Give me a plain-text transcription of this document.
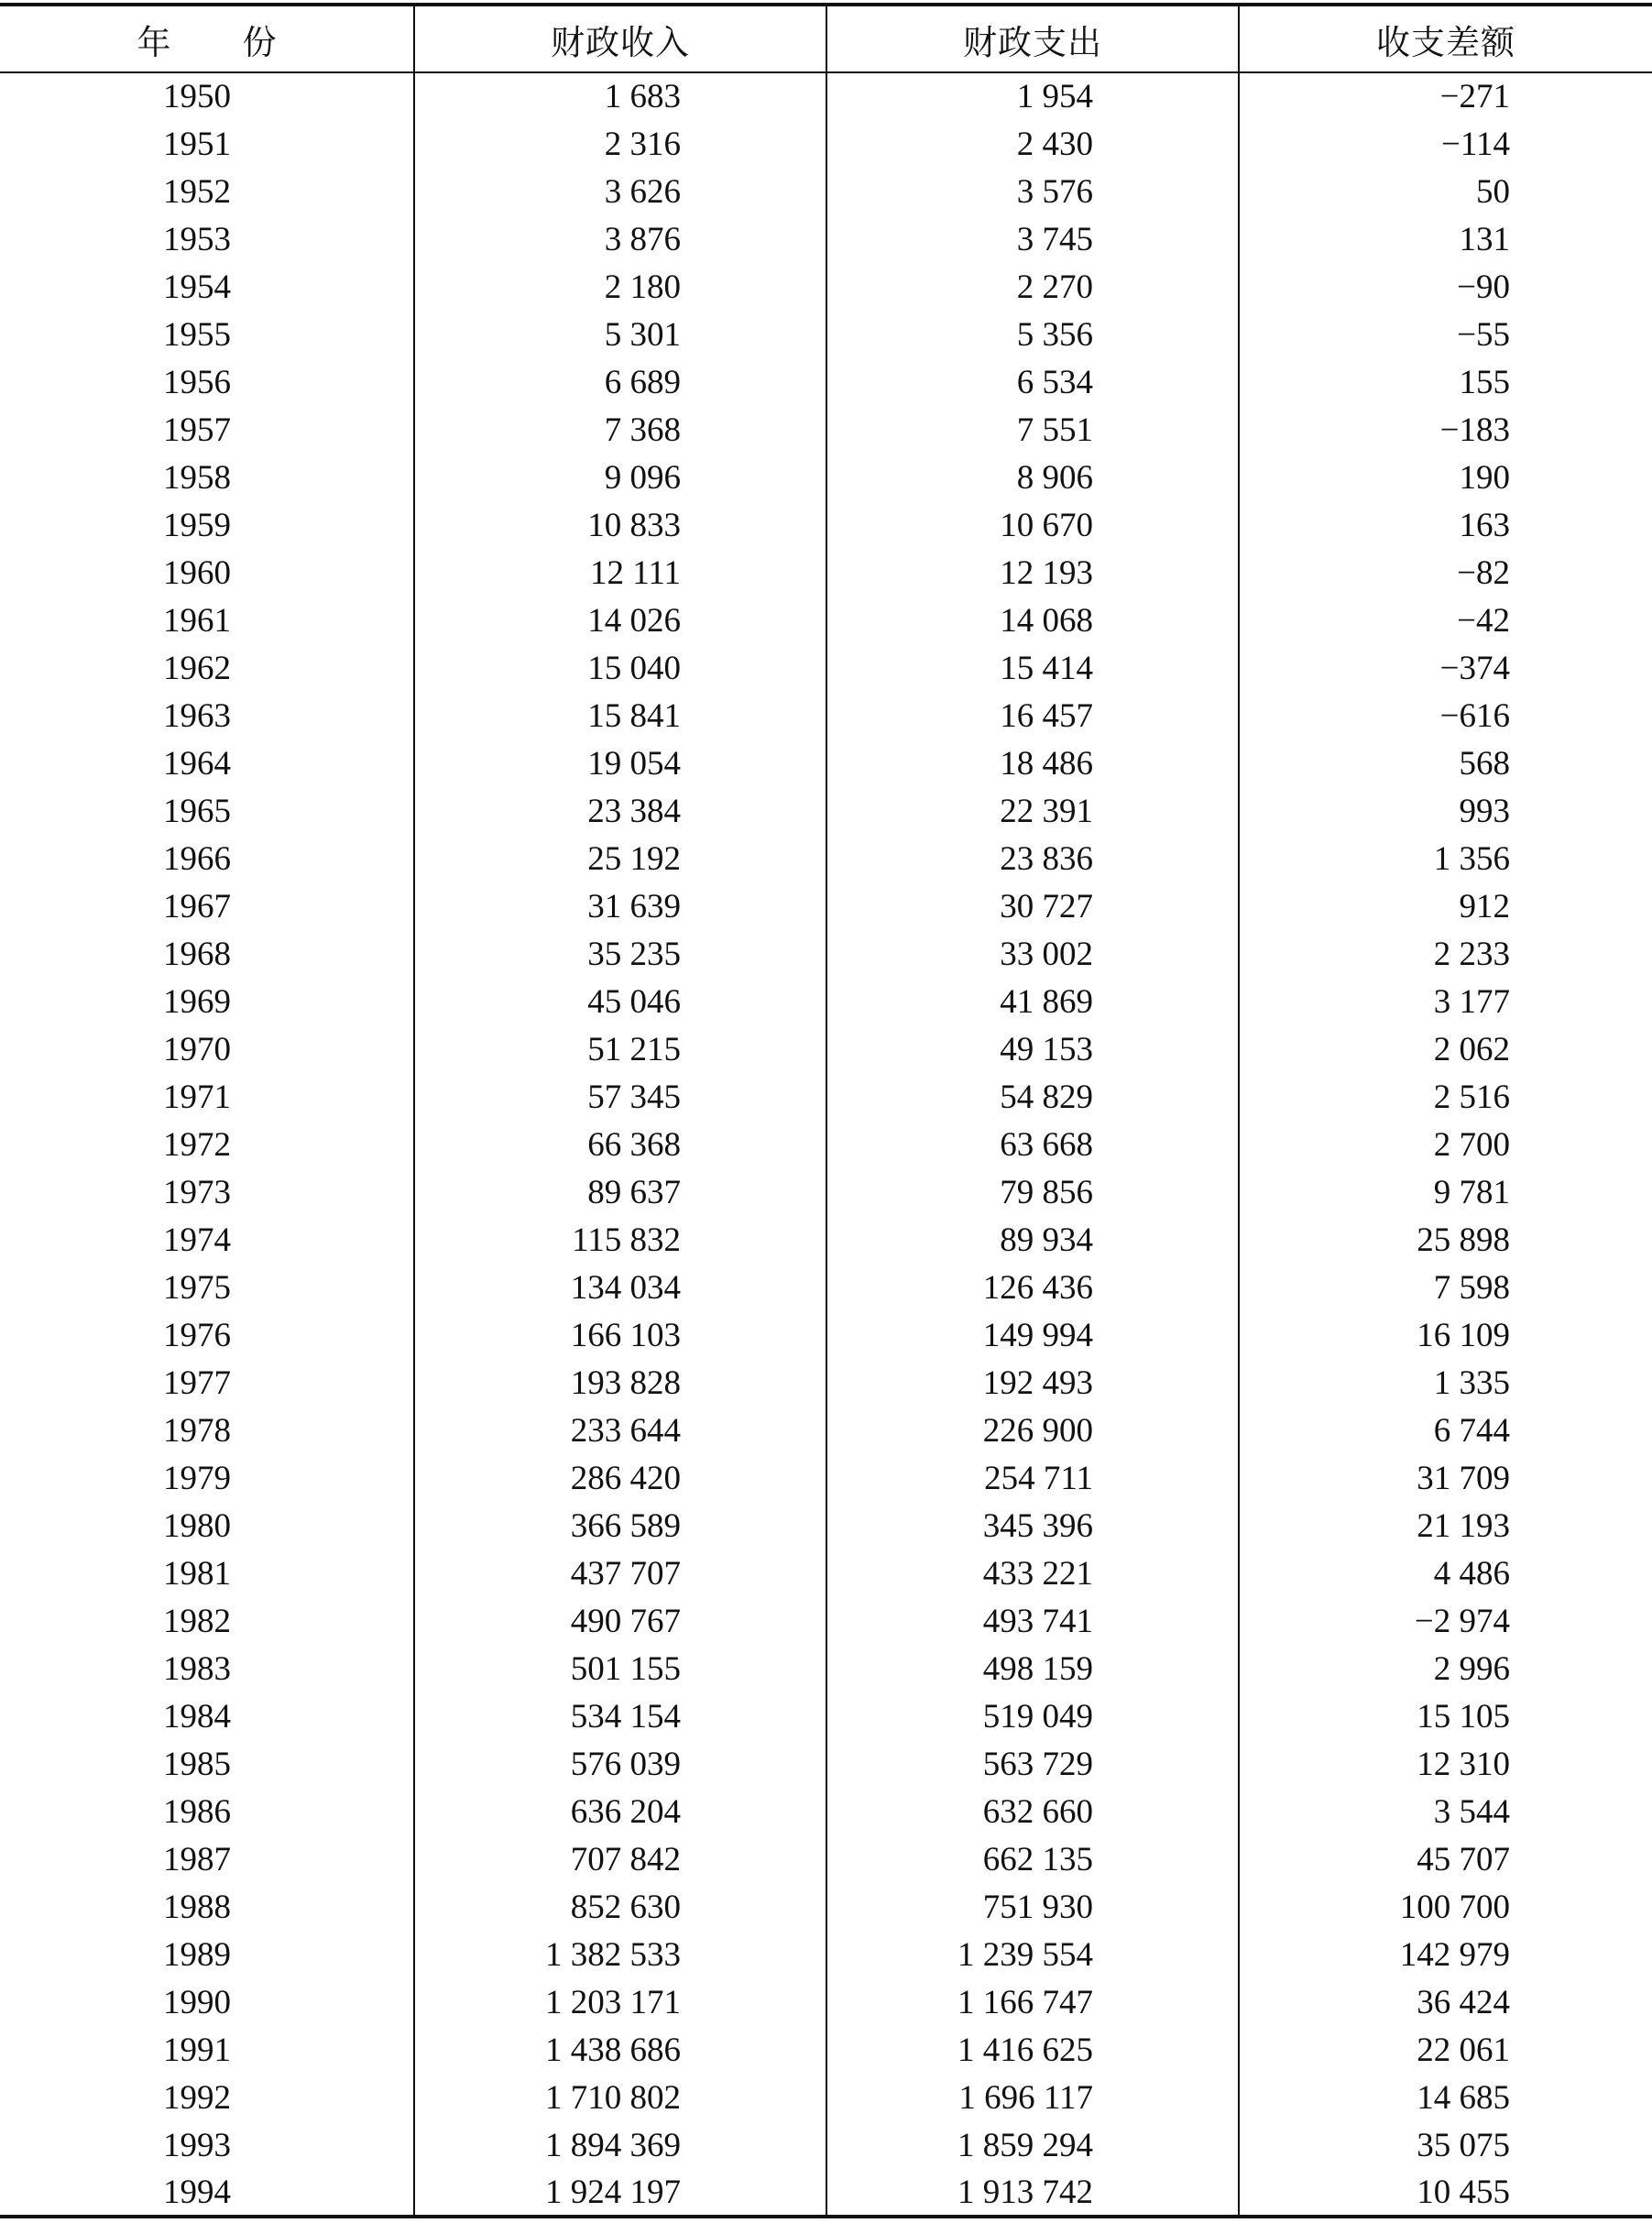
年 份	财政收入	财政支出	收支差额
1950	1 683	1 954	−271
1951	2 316	2 430	−114
1952	3 626	3 576	50
1953	3 876	3 745	131
1954	2 180	2 270	−90
1955	5 301	5 356	−55
1956	6 689	6 534	155
1957	7 368	7 551	−183
1958	9 096	8 906	190
1959	10 833	10 670	163
1960	12 111	12 193	−82
1961	14 026	14 068	−42
1962	15 040	15 414	−374
1963	15 841	16 457	−616
1964	19 054	18 486	568
1965	23 384	22 391	993
1966	25 192	23 836	1 356
1967	31 639	30 727	912
1968	35 235	33 002	2 233
1969	45 046	41 869	3 177
1970	51 215	49 153	2 062
1971	57 345	54 829	2 516
1972	66 368	63 668	2 700
1973	89 637	79 856	9 781
1974	115 832	89 934	25 898
1975	134 034	126 436	7 598
1976	166 103	149 994	16 109
1977	193 828	192 493	1 335
1978	233 644	226 900	6 744
1979	286 420	254 711	31 709
1980	366 589	345 396	21 193
1981	437 707	433 221	4 486
1982	490 767	493 741	−2 974
1983	501 155	498 159	2 996
1984	534 154	519 049	15 105
1985	576 039	563 729	12 310
1986	636 204	632 660	3 544
1987	707 842	662 135	45 707
1988	852 630	751 930	100 700
1989	1 382 533	1 239 554	142 979
1990	1 203 171	1 166 747	36 424
1991	1 438 686	1 416 625	22 061
1992	1 710 802	1 696 117	14 685
1993	1 894 369	1 859 294	35 075
1994	1 924 197	1 913 742	10 455
